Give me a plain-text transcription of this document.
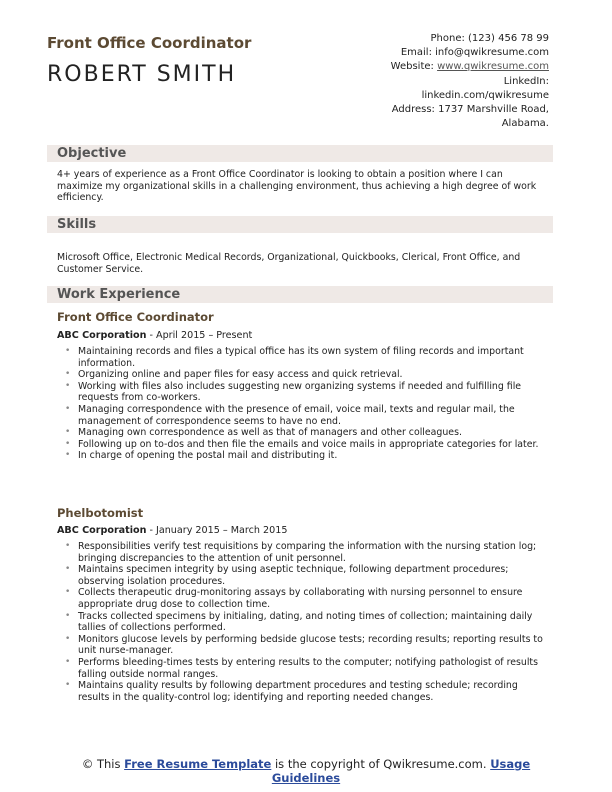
Front Office Coordinator
ROBERT SMITH
Phone: (123) 456 78 99
Email: info@qwikresume.com
Website: www.qwikresume.com
LinkedIn:
linkedin.com/qwikresume
Address: 1737 Marshville Road,
Alabama.
Objective
4+ years of experience as a Front Office Coordinator is looking to obtain a position where I can maximize my organizational skills in a challenging environment, thus achieving a high degree of work efficiency.
Skills
Microsoft Office, Electronic Medical Records, Organizational, Quickbooks, Clerical, Front Office, and Customer Service.
Work Experience
Front Office Coordinator
ABC Corporation - April 2015 – Present
• Maintaining records and files a typical office has its own system of filing records and important information.
• Organizing online and paper files for easy access and quick retrieval.
• Working with files also includes suggesting new organizing systems if needed and fulfilling file requests from co-workers.
• Managing correspondence with the presence of email, voice mail, texts and regular mail, the management of correspondence seems to have no end.
• Managing own correspondence as well as that of managers and other colleagues.
• Following up on to-dos and then file the emails and voice mails in appropriate categories for later.
• In charge of opening the postal mail and distributing it.
Phelbotomist
ABC Corporation - January 2015 – March 2015
• Responsibilities verify test requisitions by comparing the information with the nursing station log; bringing discrepancies to the attention of unit personnel.
• Maintains specimen integrity by using aseptic technique, following department procedures; observing isolation procedures.
• Collects therapeutic drug-monitoring assays by collaborating with nursing personnel to ensure appropriate drug dose to collection time.
• Tracks collected specimens by initialing, dating, and noting times of collection; maintaining daily tallies of collections performed.
• Monitors glucose levels by performing bedside glucose tests; recording results; reporting results to unit nurse-manager.
• Performs bleeding-times tests by entering results to the computer; notifying pathologist of results falling outside normal ranges.
• Maintains quality results by following department procedures and testing schedule; recording results in the quality-control log; identifying and reporting needed changes.
© This Free Resume Template is the copyright of Qwikresume.com. Usage
Guidelines
